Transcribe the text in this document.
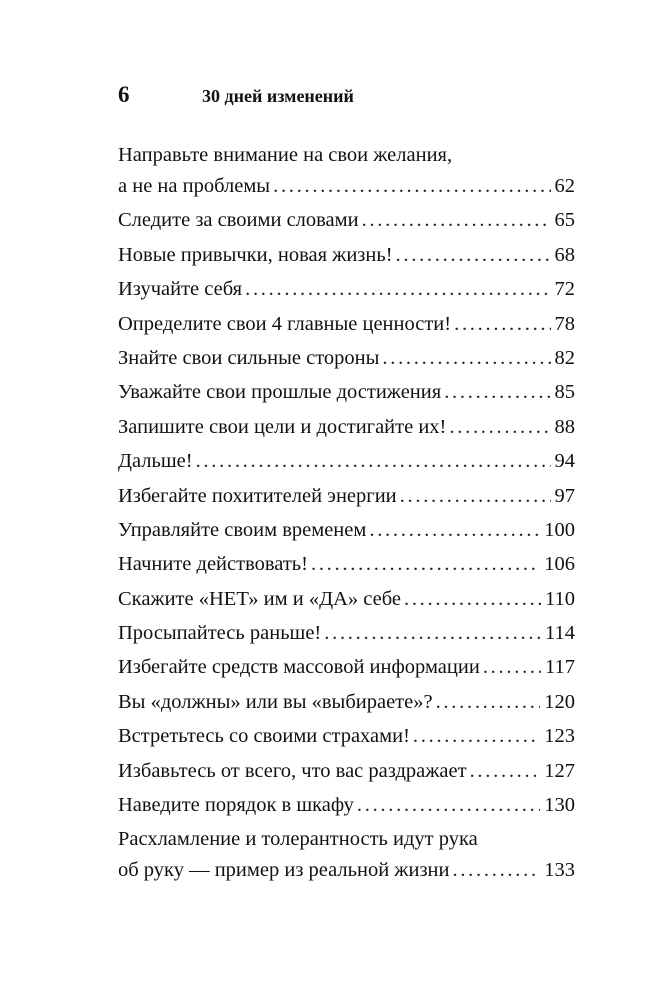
6	30 дней изменений
Направьте внимание на свои желания,
а не на проблемы . . .	62
Следите за своими словами . . .	65
Новые привычки, новая жизнь! . . .	68
Изучайте себя . . .	72
Определите свои 4 главные ценности! . . .	78
Знайте свои сильные стороны . . .	82
Уважайте свои прошлые достижения . . .	85
Запишите свои цели и достигайте их! . . .	88
Дальше! . . .	94
Избегайте похитителей энергии . . .	97
Управляйте своим временем . . .	100
Начните действовать! . . .	106
Скажите «НЕТ» им и «ДА» себе . . .	110
Просыпайтесь раньше! . . .	114
Избегайте средств массовой информации . . .	117
Вы «должны» или вы «выбираете»? . . .	120
Встретьтесь со своими страхами! . . .	123
Избавьтесь от всего, что вас раздражает . . .	127
Наведите порядок в шкафу . . .	130
Расхламление и толерантность идут рука
об руку — пример из реальной жизни . . .	133
